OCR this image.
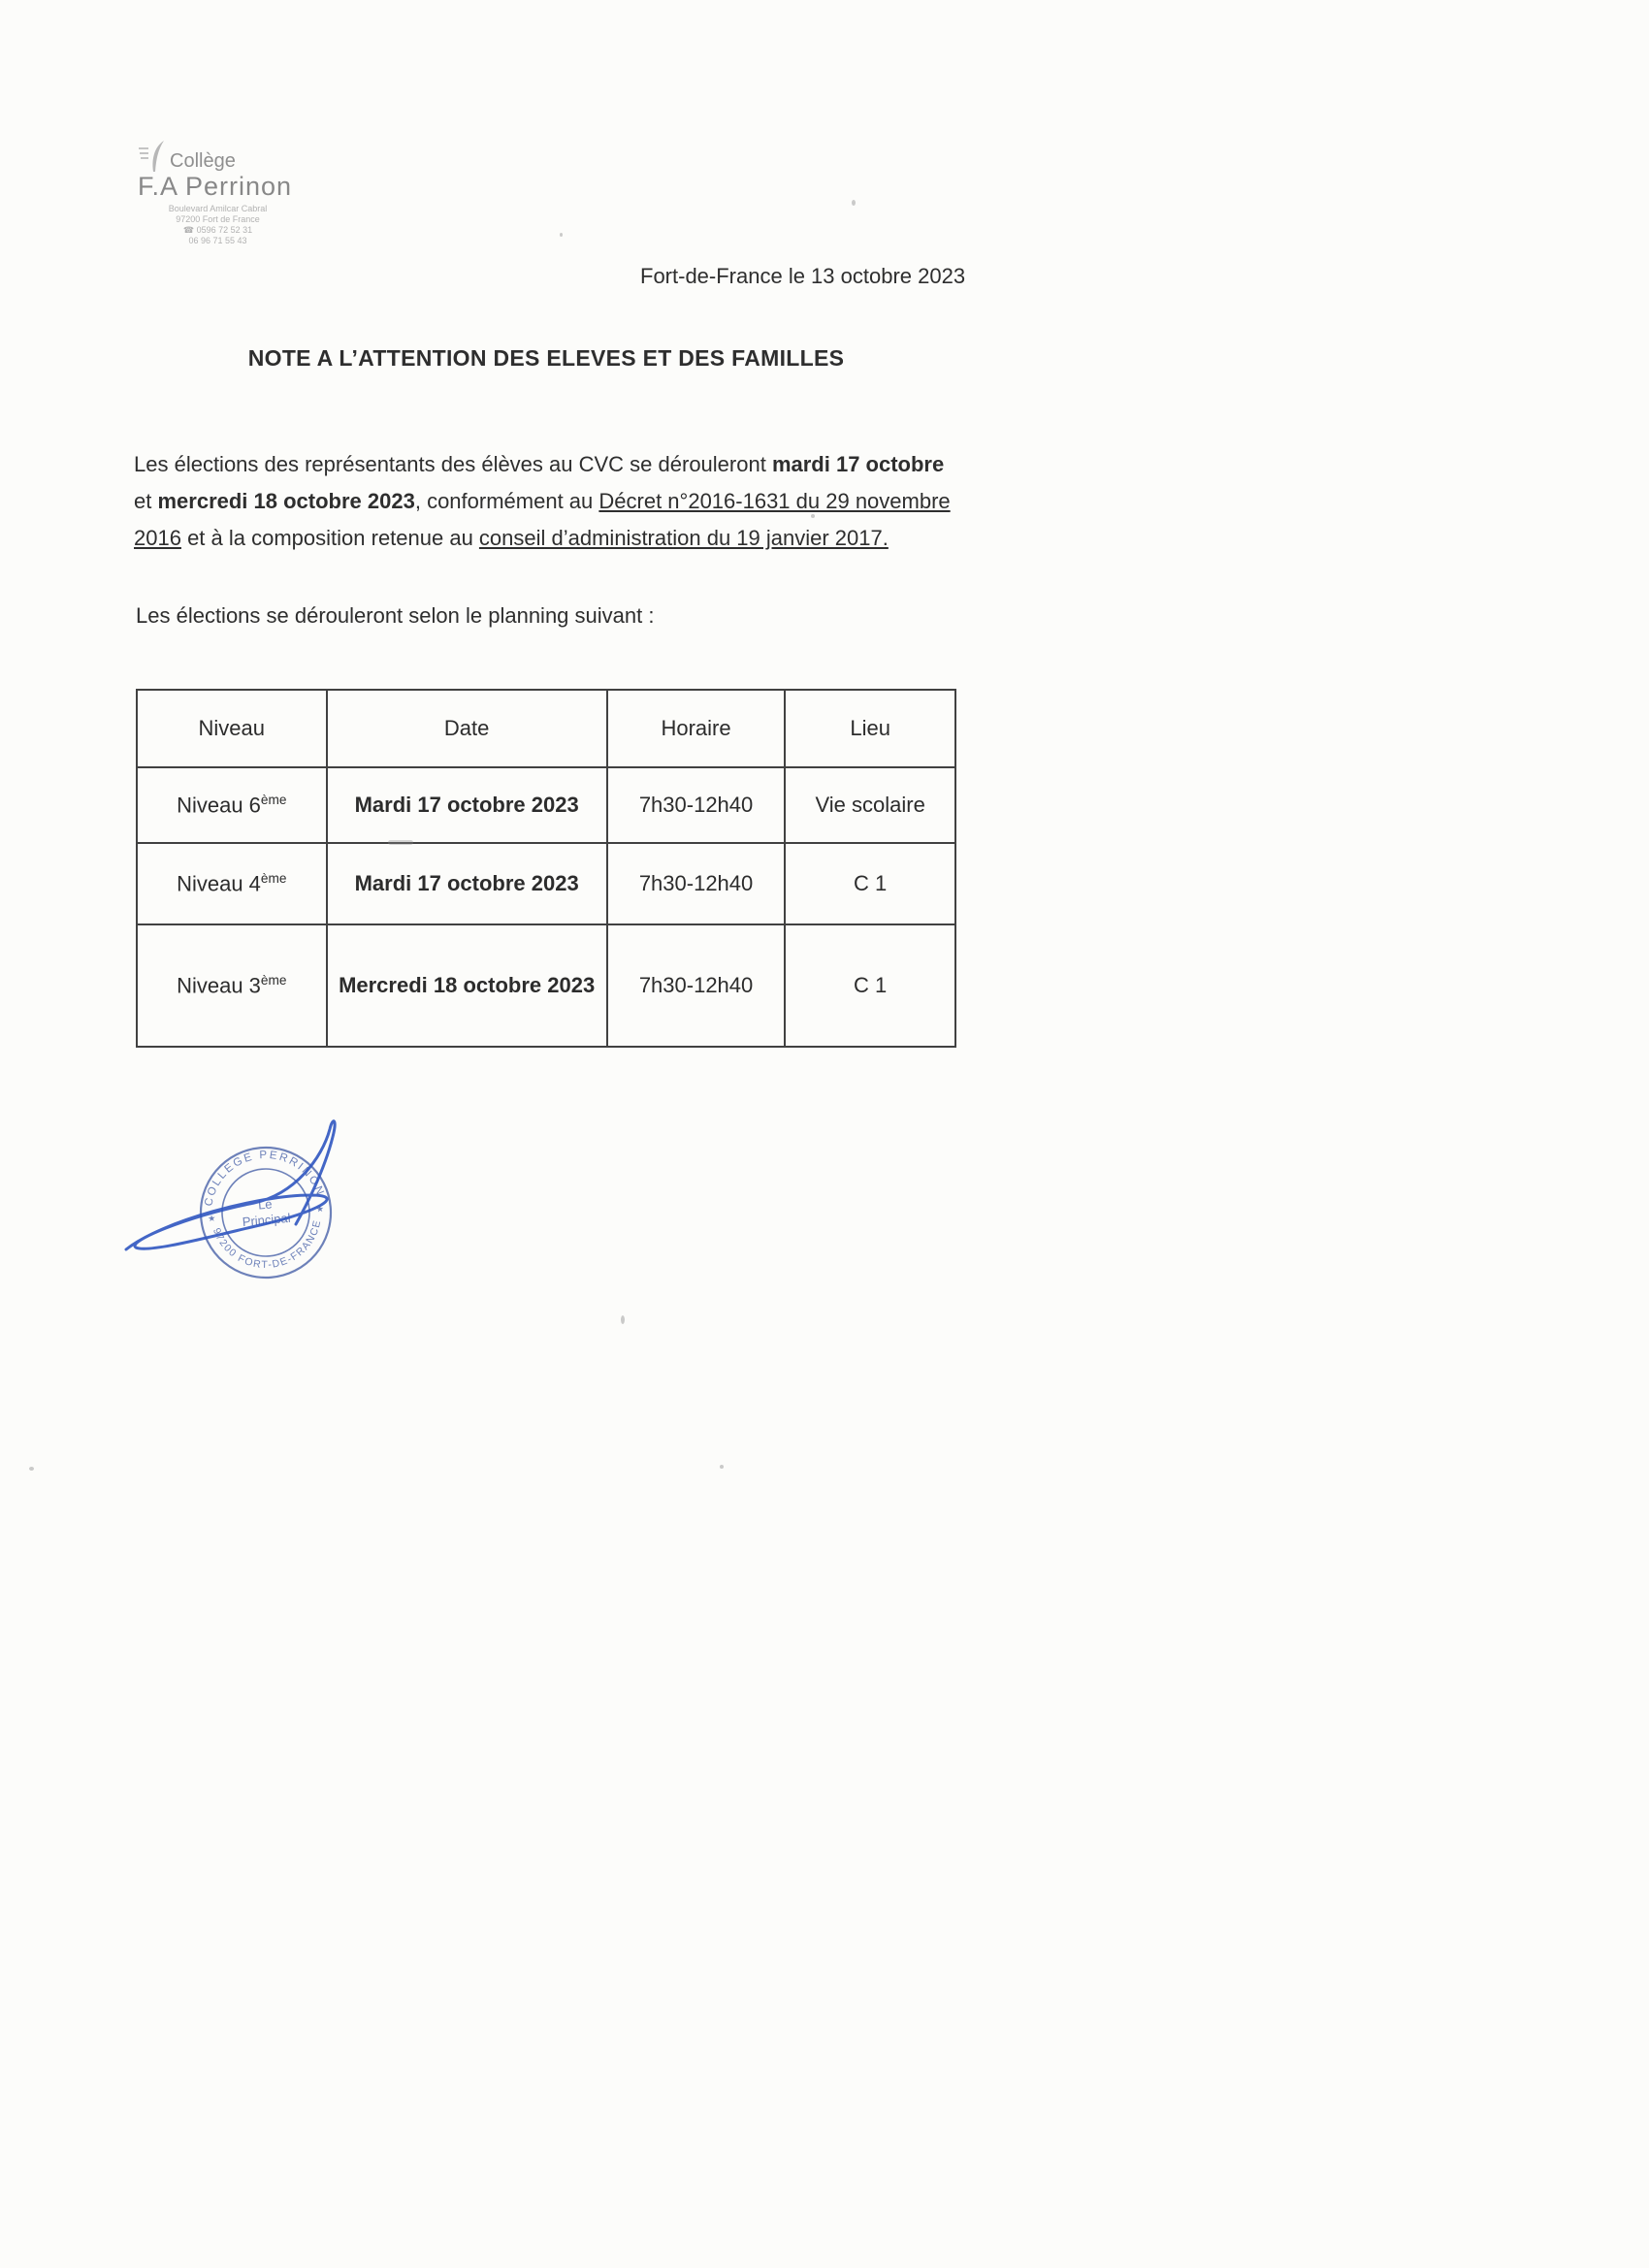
Collège
F.A Perrinon
Boulevard Amilcar Cabral
97200 Fort de France
☎ 0596 72 52 31
06 96 71 55 43
Fort-de-France le 13 octobre 2023
NOTE A L’ATTENTION DES ELEVES ET DES FAMILLES

Les élections des représentants des élèves au CVC se dérouleront mardi 17 octobre et mercredi 18 octobre 2023, conformément au Décret n°2016-1631 du 29 novembre 2016 et à la composition retenue au conseil d’administration du 19 janvier 2017.

Les élections se dérouleront selon le planning suivant :
Niveau	Date	Horaire	Lieu
Niveau 6ème	Mardi 17 octobre 2023	7h30-12h40	Vie scolaire
Niveau 4ème	Mardi 17 octobre 2023	7h30-12h40	C 1
Niveau 3ème	Mercredi 18 octobre 2023	7h30-12h40	C 1
COLLEGE PERRINON
97200 FORT-DE-FRANCE
★
★
Le
Principal
